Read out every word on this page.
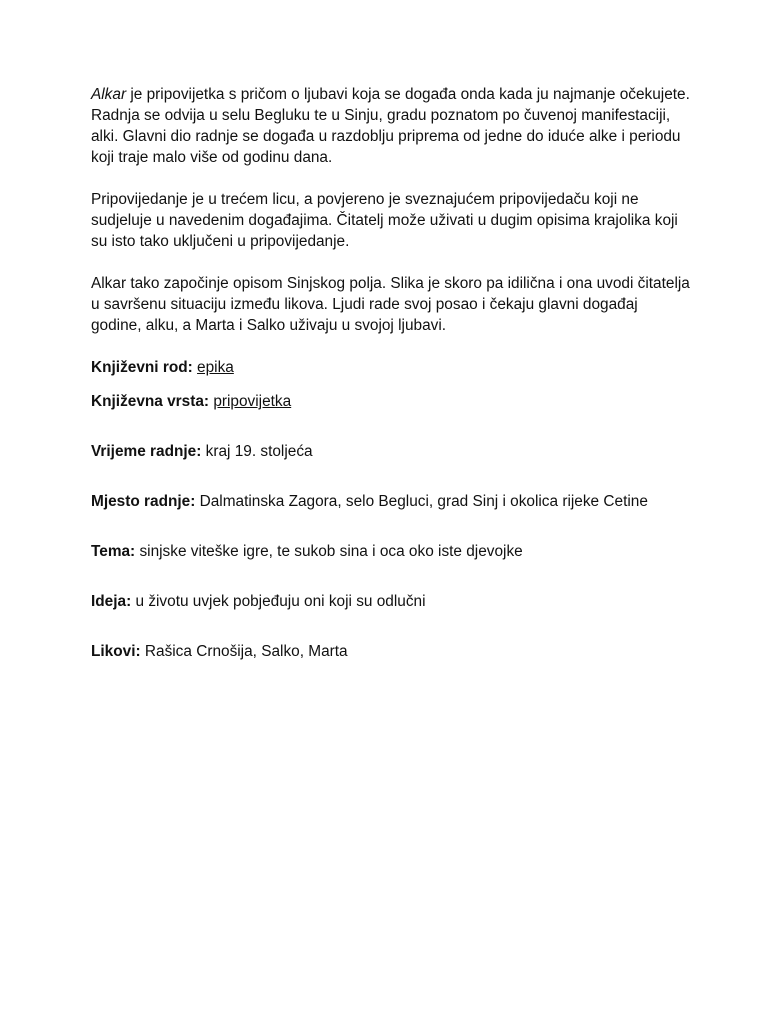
Alkar je pripovijetka s pričom o ljubavi koja se događa onda kada ju najmanje očekujete. Radnja se odvija u selu Begluku te u Sinju, gradu poznatom po čuvenoj manifestaciji, alki. Glavni dio radnje se događa u razdoblju priprema od jedne do iduće alke i periodu koji traje malo više od godinu dana.

Pripovijedanje je u trećem licu, a povjereno je sveznajućem pripovijedaču koji ne sudjeluje u navedenim događajima. Čitatelj može uživati u dugim opisima krajolika koji su isto tako uključeni u pripovijedanje.

Alkar tako započinje opisom Sinjskog polja. Slika je skoro pa idilična i ona uvodi čitatelja u savršenu situaciju između likova. Ljudi rade svoj posao i čekaju glavni događaj godine, alku, a Marta i Salko uživaju u svojoj ljubavi.

Književni rod: epika

Književna vrsta: pripovijetka

Vrijeme radnje: kraj 19. stoljeća

Mjesto radnje: Dalmatinska Zagora, selo Begluci, grad Sinj i okolica rijeke Cetine

Tema: sinjske viteške igre, te sukob sina i oca oko iste djevojke

Ideja: u životu uvjek pobjeđuju oni koji su odlučni

Likovi: Rašica Crnošija, Salko, Marta
